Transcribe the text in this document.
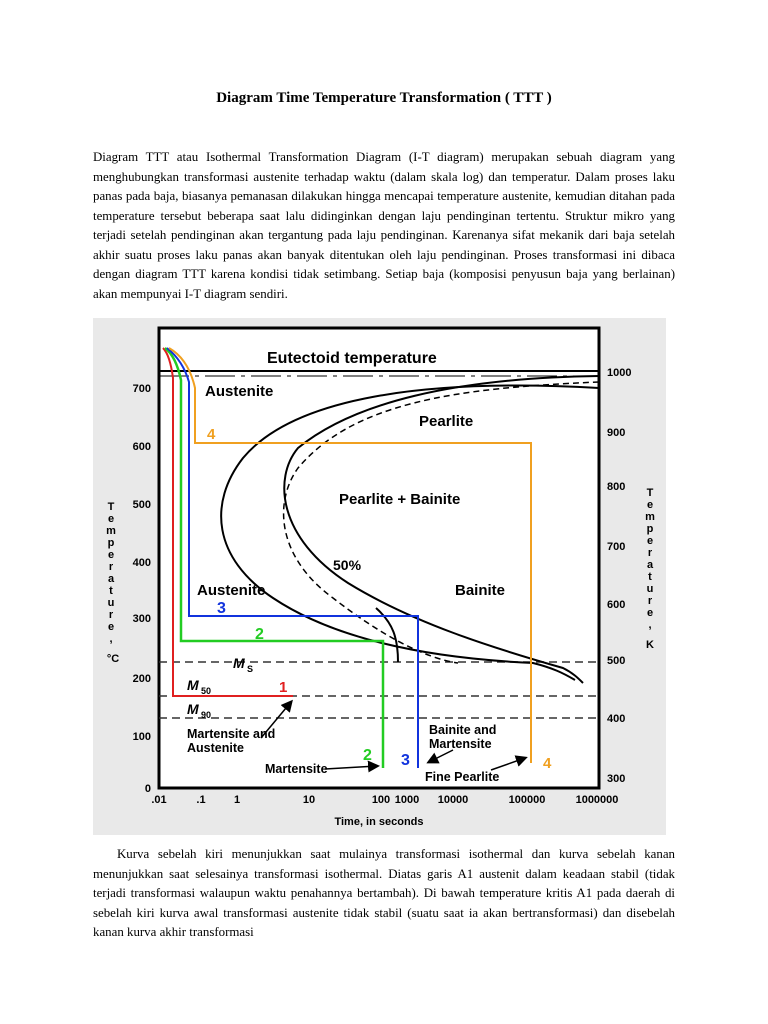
Diagram Time Temperature Transformation ( TTT )

Diagram TTT atau Isothermal Transformation Diagram (I-T diagram) merupakan sebuah diagram yang menghubungkan transformasi austenite terhadap waktu (dalam skala log) dan temperatur. Dalam proses laku panas pada baja, biasanya pemanasan dilakukan hingga mencapai temperature austenite, kemudian ditahan pada temperature tersebut beberapa saat lalu didinginkan dengan laju pendinginan tertentu. Struktur mikro yang terjadi setelah pendinginan akan tergantung pada laju pendinginan. Karenanya sifat mekanik dari baja setelah akhir suatu proses laku panas akan banyak ditentukan oleh laju pendinginan. Proses transformasi ini dibaca dengan diagram TTT karena kondisi tidak setimbang. Setiap baja (komposisi penyusun baja yang berlainan) akan mempunyai I-T diagram sendiri.

Eutectoid temperature
Austenite
Pearlite
Pearlite + Bainite
50%
Austenite	Bainite
M S
M 50
M 90
Martensite and
Austenite
Martensite
Bainite and
Martensite
Fine Pearlite
1
2
3
4
2 3	4
.01	.1	1	10	100 1000 10000	100000	1000000
Time, in seconds
0
100
200
300
400
500
600
700
300
400
500
600
700
800
900
1000
T e m p e r a t u r e ,
°C
T e m p e r a t u r e ,
K

Kurva sebelah kiri menunjukkan saat mulainya transformasi isothermal dan kurva sebelah kanan menunjukkan saat selesainya transformasi isothermal. Diatas garis A1 austenit dalam keadaan stabil (tidak terjadi transformasi walaupun waktu penahannya bertambah). Di bawah temperature kritis A1 pada daerah di sebelah kiri kurva awal transformasi austenite tidak stabil (suatu saat ia akan bertransformasi) dan disebelah kanan kurva akhir transformasi
